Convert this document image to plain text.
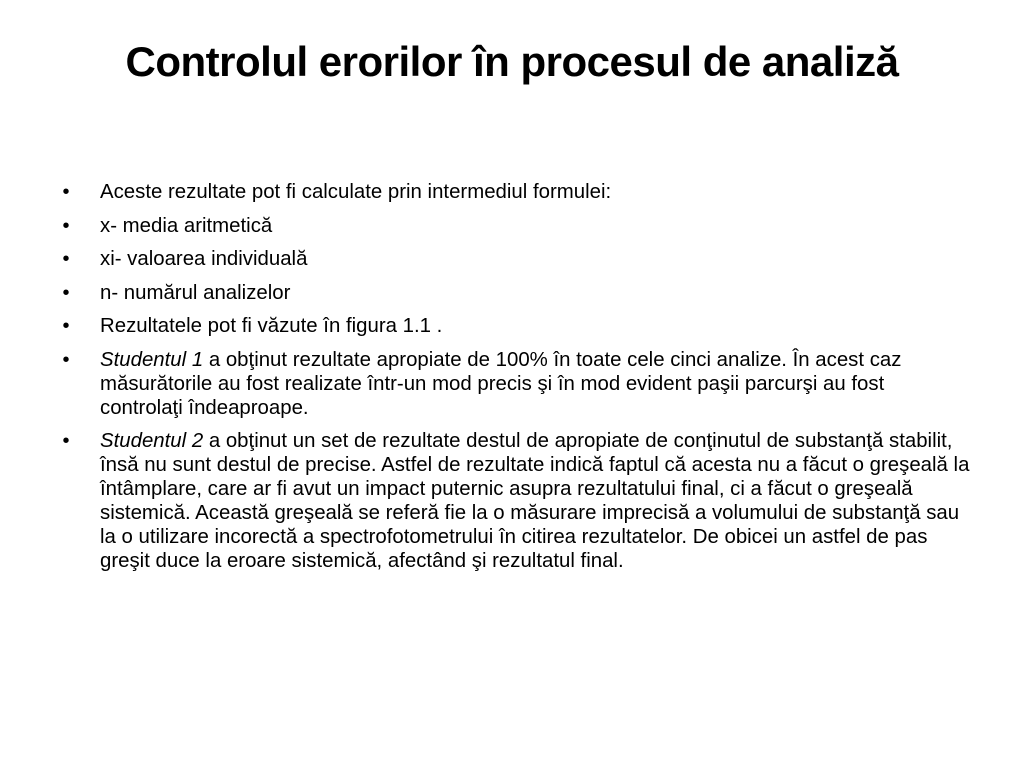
Controlul erorilor în procesul de analiză
• Aceste rezultate pot fi calculate prin intermediul formulei:
• x- media aritmetică
• xi- valoarea individuală
• n- numărul analizelor
• Rezultatele pot fi văzute în figura 1.1 .
• Studentul 1 a obţinut rezultate apropiate de 100% în toate cele cinci analize. În acest caz măsurătorile au fost realizate într-un mod precis şi în mod evident paşii parcurşi au fost controlaţi îndeaproape.
• Studentul 2 a obţinut un set de rezultate destul de apropiate de conţinutul de substanţă stabilit, însă nu sunt destul de precise. Astfel de rezultate indică faptul că acesta nu a făcut o greşeală la întâmplare, care ar fi avut un impact puternic asupra rezultatului final, ci a făcut o greşeală sistemică. Această greşeală se referă fie la o măsurare imprecisă a volumului de substanţă sau la o utilizare incorectă a spectrofotometrului în citirea rezultatelor. De obicei un astfel de pas greşit duce la eroare sistemică, afectând şi rezultatul final.
